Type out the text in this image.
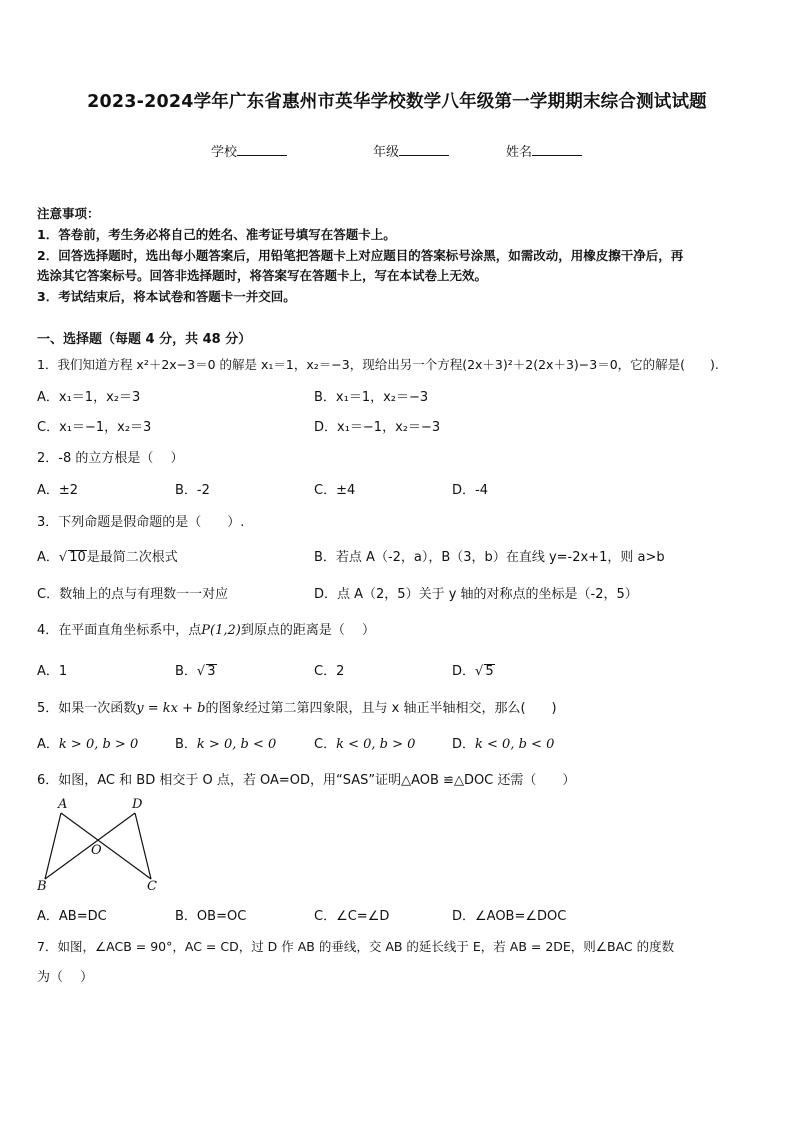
2023-2024学年广东省惠州市英华学校数学八年级第一学期期末综合测试试题
学校	年级	姓名
注意事项：
1．答卷前，考生务必将自己的姓名、准考证号填写在答题卡上。
2．回答选择题时，选出每小题答案后，用铅笔把答题卡上对应题目的答案标号涂黑，如需改动，用橡皮擦干净后，再
选涂其它答案标号。回答非选择题时，将答案写在答题卡上，写在本试卷上无效。
3．考试结束后，将本试卷和答题卡一并交回。
一、选择题（每题 4 分，共 48 分）
1．我们知道方程 x²＋2x−3＝0 的解是 x₁＝1，x₂＝−3，现给出另一个方程(2x＋3)²＋2(2x＋3)−3＝0，它的解是(　　).
A．x₁＝1，x₂＝3	B．x₁＝1，x₂＝−3
C．x₁＝−1，x₂＝3	D．x₁＝−1，x₂＝−3
2．-8 的立方根是（　 ）
A．±2	B．-2	C．±4	D．-4
3．下列命题是假命题的是（　　）.
A．√ 10是最简二次根式	B．若点 A（-2，a），B（3，b）在直线 y=-2x+1，则 a>b
C．数轴上的点与有理数一一对应	D．点 A（2，5）关于 y 轴的对称点的坐标是（-2，5）
4．在平面直角坐标系中，点P(1,2)到原点的距离是（　 ）
A．1	B．√ 3	C．2	D．√ 5
5．如果一次函数y = kx + b的图象经过第二第四象限，且与 x 轴正半轴相交，那么(　　)
A．k > 0, b > 0	B．k > 0, b < 0	C．k < 0, b > 0	D．k < 0, b < 0
6．如图，AC 和 BD 相交于 O 点，若 OA=OD，用“SAS”证明△AOB ≌△DOC 还需（　　）
A	D
O
B	C
A．AB=DC	B．OB=OC	C．∠C=∠D	D．∠AOB=∠DOC
7．如图，∠ACB = 90°，AC = CD，过 D 作 AB 的垂线，交 AB 的延长线于 E，若 AB = 2DE，则∠BAC 的度数
为（　 ）
